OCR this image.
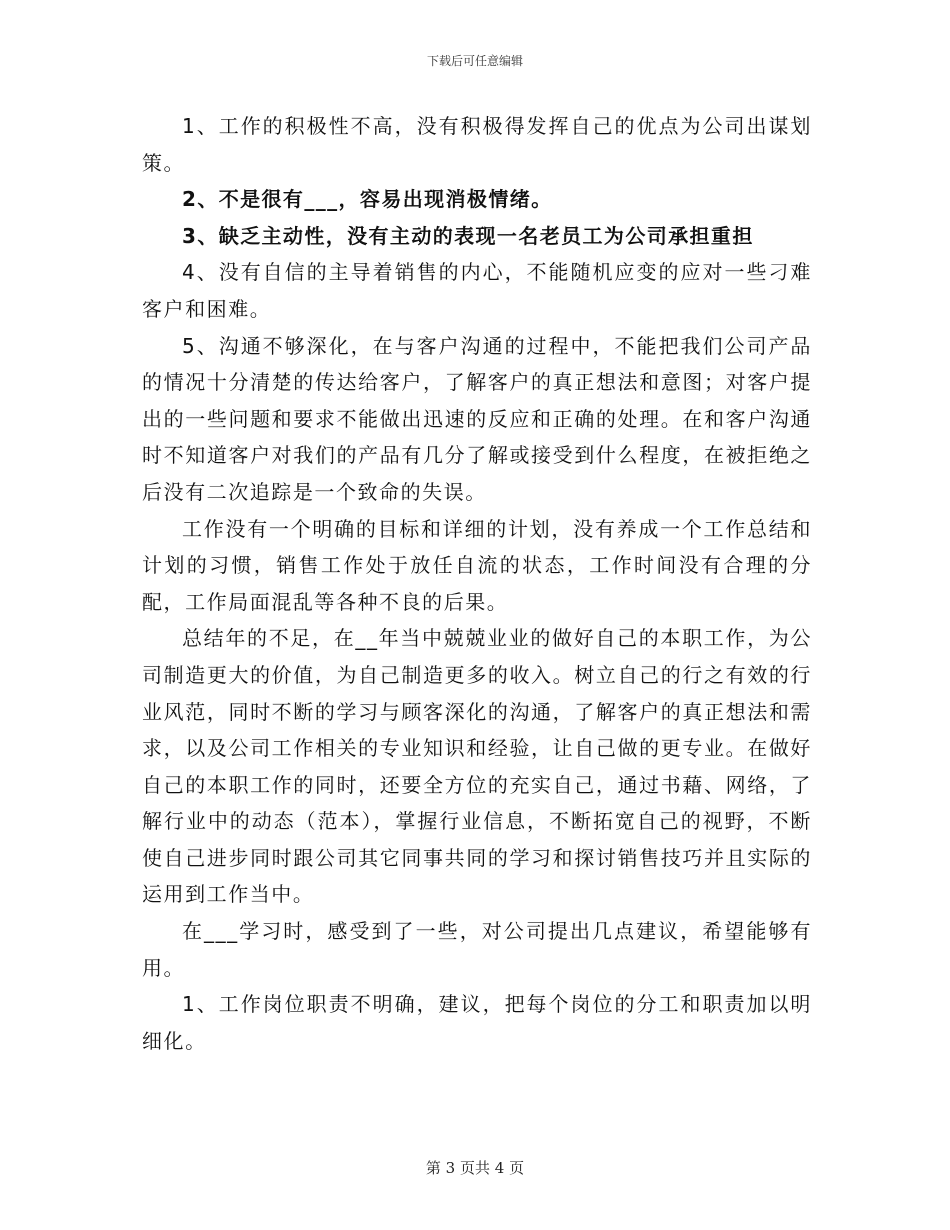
下载后可任意编辑

1、工作的积极性不高，没有积极得发挥自己的优点为公司出谋划策。

2、不是很有___，容易出现消极情绪。

3、缺乏主动性，没有主动的表现一名老员工为公司承担重担

4、没有自信的主导着销售的内心，不能随机应变的应对一些刁难客户和困难。

5、沟通不够深化，在与客户沟通的过程中，不能把我们公司产品的情况十分清楚的传达给客户，了解客户的真正想法和意图；对客户提出的一些问题和要求不能做出迅速的反应和正确的处理。在和客户沟通时不知道客户对我们的产品有几分了解或接受到什么程度，在被拒绝之后没有二次追踪是一个致命的失误。

工作没有一个明确的目标和详细的计划，没有养成一个工作总结和计划的习惯，销售工作处于放任自流的状态，工作时间没有合理的分配，工作局面混乱等各种不良的后果。

总结年的不足，在__年当中兢兢业业的做好自己的本职工作，为公司制造更大的价值，为自己制造更多的收入。树立自己的行之有效的行业风范，同时不断的学习与顾客深化的沟通，了解客户的真正想法和需求，以及公司工作相关的专业知识和经验，让自己做的更专业。在做好自己的本职工作的同时，还要全方位的充实自己，通过书藉、网络，了解行业中的动态（范本），掌握行业信息，不断拓宽自己的视野，不断使自己进步同时跟公司其它同事共同的学习和探讨销售技巧并且实际的运用到工作当中。

在___学习时，感受到了一些，对公司提出几点建议，希望能够有用。

1、工作岗位职责不明确，建议，把每个岗位的分工和职责加以明细化。

第 3 页共 4 页
